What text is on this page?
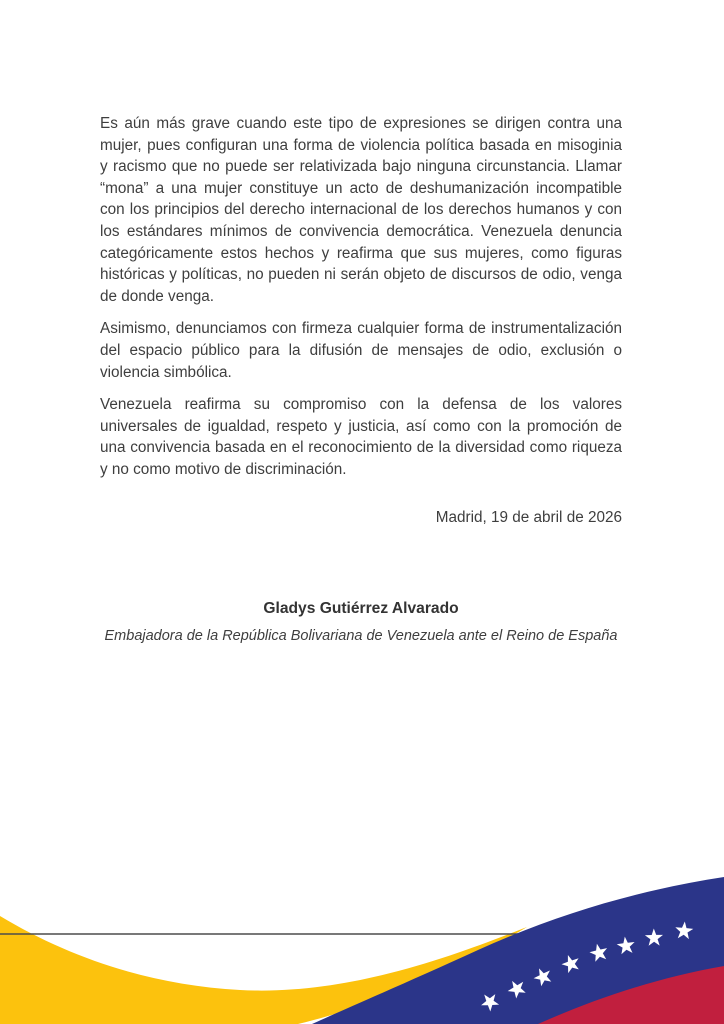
Es aún más grave cuando este tipo de expresiones se dirigen contra una mujer, pues configuran una forma de violencia política basada en misoginia y racismo que no puede ser relativizada bajo ninguna circunstancia. Llamar “mona” a una mujer constituye un acto de deshumanización incompatible con los principios del derecho internacional de los derechos humanos y con los estándares mínimos de convivencia democrática. Venezuela denuncia categóricamente estos hechos y reafirma que sus mujeres, como figuras históricas y políticas, no pueden ni serán objeto de discursos de odio, venga de donde venga.

Asimismo, denunciamos con firmeza cualquier forma de instrumentalización del espacio público para la difusión de mensajes de odio, exclusión o violencia simbólica.

Venezuela reafirma su compromiso con la defensa de los valores universales de igualdad, respeto y justicia, así como con la promoción de una convivencia basada en el reconocimiento de la diversidad como riqueza y no como motivo de discriminación.

Madrid, 19 de abril de 2026

Gladys Gutiérrez Alvarado

Embajadora de la República Bolivariana de Venezuela ante el Reino de España
